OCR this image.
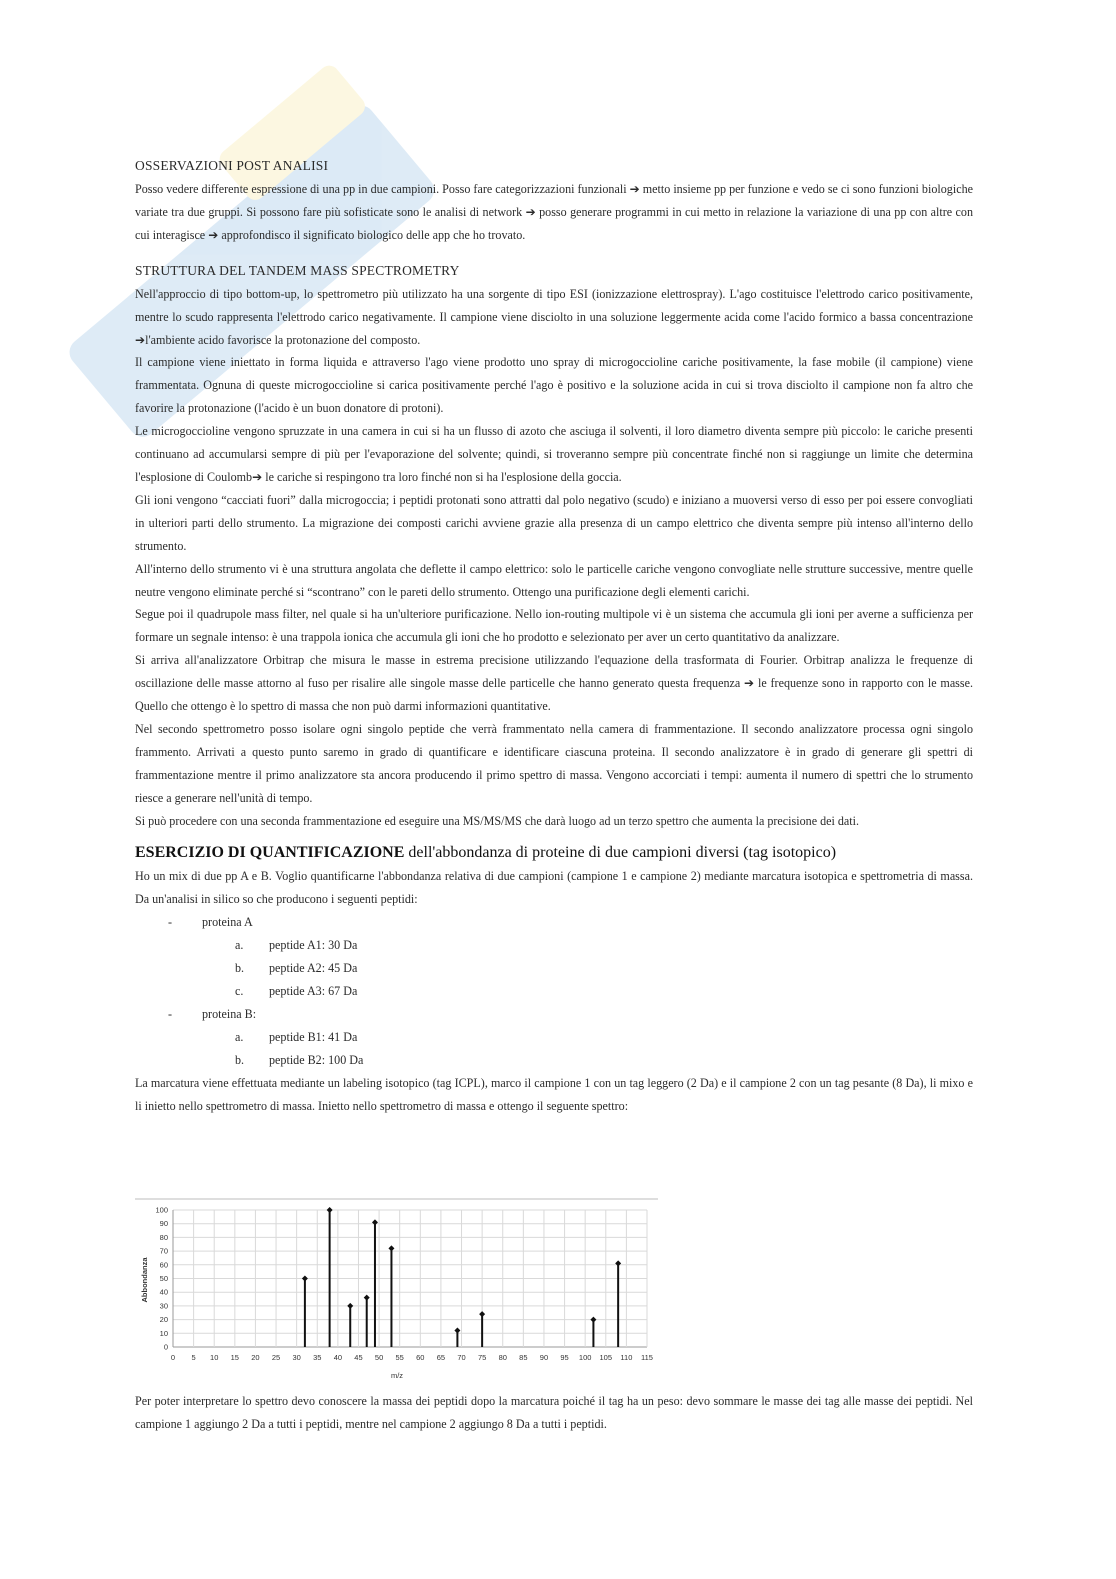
OSSERVAZIONI POST ANALISI

Posso vedere differente espressione di una pp in due campioni. Posso fare categorizzazioni funzionali ➔ metto insieme pp per funzione e vedo se ci sono funzioni biologiche variate tra due gruppi. Si possono fare più sofisticate sono le analisi di network ➔ posso generare programmi in cui metto in relazione la variazione di una pp con altre con cui interagisce ➔ approfondisco il significato biologico delle app che ho trovato.

STRUTTURA DEL TANDEM MASS SPECTROMETRY

Nell'approccio di tipo bottom-up, lo spettrometro più utilizzato ha una sorgente di tipo ESI (ionizzazione elettrospray). L'ago costituisce l'elettrodo carico positivamente, mentre lo scudo rappresenta l'elettrodo carico negativamente. Il campione viene disciolto in una soluzione leggermente acida come l'acido formico a bassa concentrazione ➔l'ambiente acido favorisce la protonazione del composto.

Il campione viene iniettato in forma liquida e attraverso l'ago viene prodotto uno spray di microgoccioline cariche positivamente, la fase mobile (il campione) viene frammentata. Ognuna di queste microgoccioline si carica positivamente perché l'ago è positivo e la soluzione acida in cui si trova disciolto il campione non fa altro che favorire la protonazione (l'acido è un buon donatore di protoni).

Le microgoccioline vengono spruzzate in una camera in cui si ha un flusso di azoto che asciuga il solventi, il loro diametro diventa sempre più piccolo: le cariche presenti continuano ad accumularsi sempre di più per l'evaporazione del solvente; quindi, si troveranno sempre più concentrate finché non si raggiunge un limite che determina l'esplosione di Coulomb➔ le cariche si respingono tra loro finché non si ha l'esplosione della goccia.

Gli ioni vengono “cacciati fuori” dalla microgoccia; i peptidi protonati sono attratti dal polo negativo (scudo) e iniziano a muoversi verso di esso per poi essere convogliati in ulteriori parti dello strumento. La migrazione dei composti carichi avviene grazie alla presenza di un campo elettrico che diventa sempre più intenso all'interno dello strumento.

All'interno dello strumento vi è una struttura angolata che deflette il campo elettrico: solo le particelle cariche vengono convogliate nelle strutture successive, mentre quelle neutre vengono eliminate perché si “scontrano” con le pareti dello strumento. Ottengo una purificazione degli elementi carichi.

Segue poi il quadrupole mass filter, nel quale si ha un'ulteriore purificazione. Nello ion-routing multipole vi è un sistema che accumula gli ioni per averne a sufficienza per formare un segnale intenso: è una trappola ionica che accumula gli ioni che ho prodotto e selezionato per aver un certo quantitativo da analizzare.

Si arriva all'analizzatore Orbitrap che misura le masse in estrema precisione utilizzando l'equazione della trasformata di Fourier. Orbitrap analizza le frequenze di oscillazione delle masse attorno al fuso per risalire alle singole masse delle particelle che hanno generato questa frequenza ➔ le frequenze sono in rapporto con le masse. Quello che ottengo è lo spettro di massa che non può darmi informazioni quantitative.

Nel secondo spettrometro posso isolare ogni singolo peptide che verrà frammentato nella camera di frammentazione. Il secondo analizzatore processa ogni singolo frammento. Arrivati a questo punto saremo in grado di quantificare e identificare ciascuna proteina. Il secondo analizzatore è in grado di generare gli spettri di frammentazione mentre il primo analizzatore sta ancora producendo il primo spettro di massa. Vengono accorciati i tempi: aumenta il numero di spettri che lo strumento riesce a generare nell'unità di tempo.

Si può procedere con una seconda frammentazione ed eseguire una MS/MS/MS che darà luogo ad un terzo spettro che aumenta la precisione dei dati.

ESERCIZIO DI QUANTIFICAZIONE dell'abbondanza di proteine di due campioni diversi (tag isotopico)

Ho un mix di due pp A e B. Voglio quantificarne l'abbondanza relativa di due campioni (campione 1 e campione 2) mediante marcatura isotopica e spettrometria di massa. Da un'analisi in silico so che producono i seguenti peptidi:

- proteina A
a. peptide A1: 30 Da
b. peptide A2: 45 Da
c. peptide A3: 67 Da
- proteina B:
a. peptide B1: 41 Da
b. peptide B2: 100 Da

La marcatura viene effettuata mediante un labeling isotopico (tag ICPL), marco il campione 1 con un tag leggero (2 Da) e il campione 2 con un tag pesante (8 Da), li mixo e li inietto nello spettrometro di massa. Inietto nello spettrometro di massa e ottengo il seguente spettro:

0
10
20
30
40
50
60
70
80
90
100
0 5 10 15 20 25 30 35 40 45 50 55 60 65 70 75 80 85 90 95 100 105 110 115
Abbondanza
m/z

Per poter interpretare lo spettro devo conoscere la massa dei peptidi dopo la marcatura poiché il tag ha un peso: devo sommare le masse dei tag alle masse dei peptidi. Nel campione 1 aggiungo 2 Da a tutti i peptidi, mentre nel campione 2 aggiungo 8 Da a tutti i peptidi.
